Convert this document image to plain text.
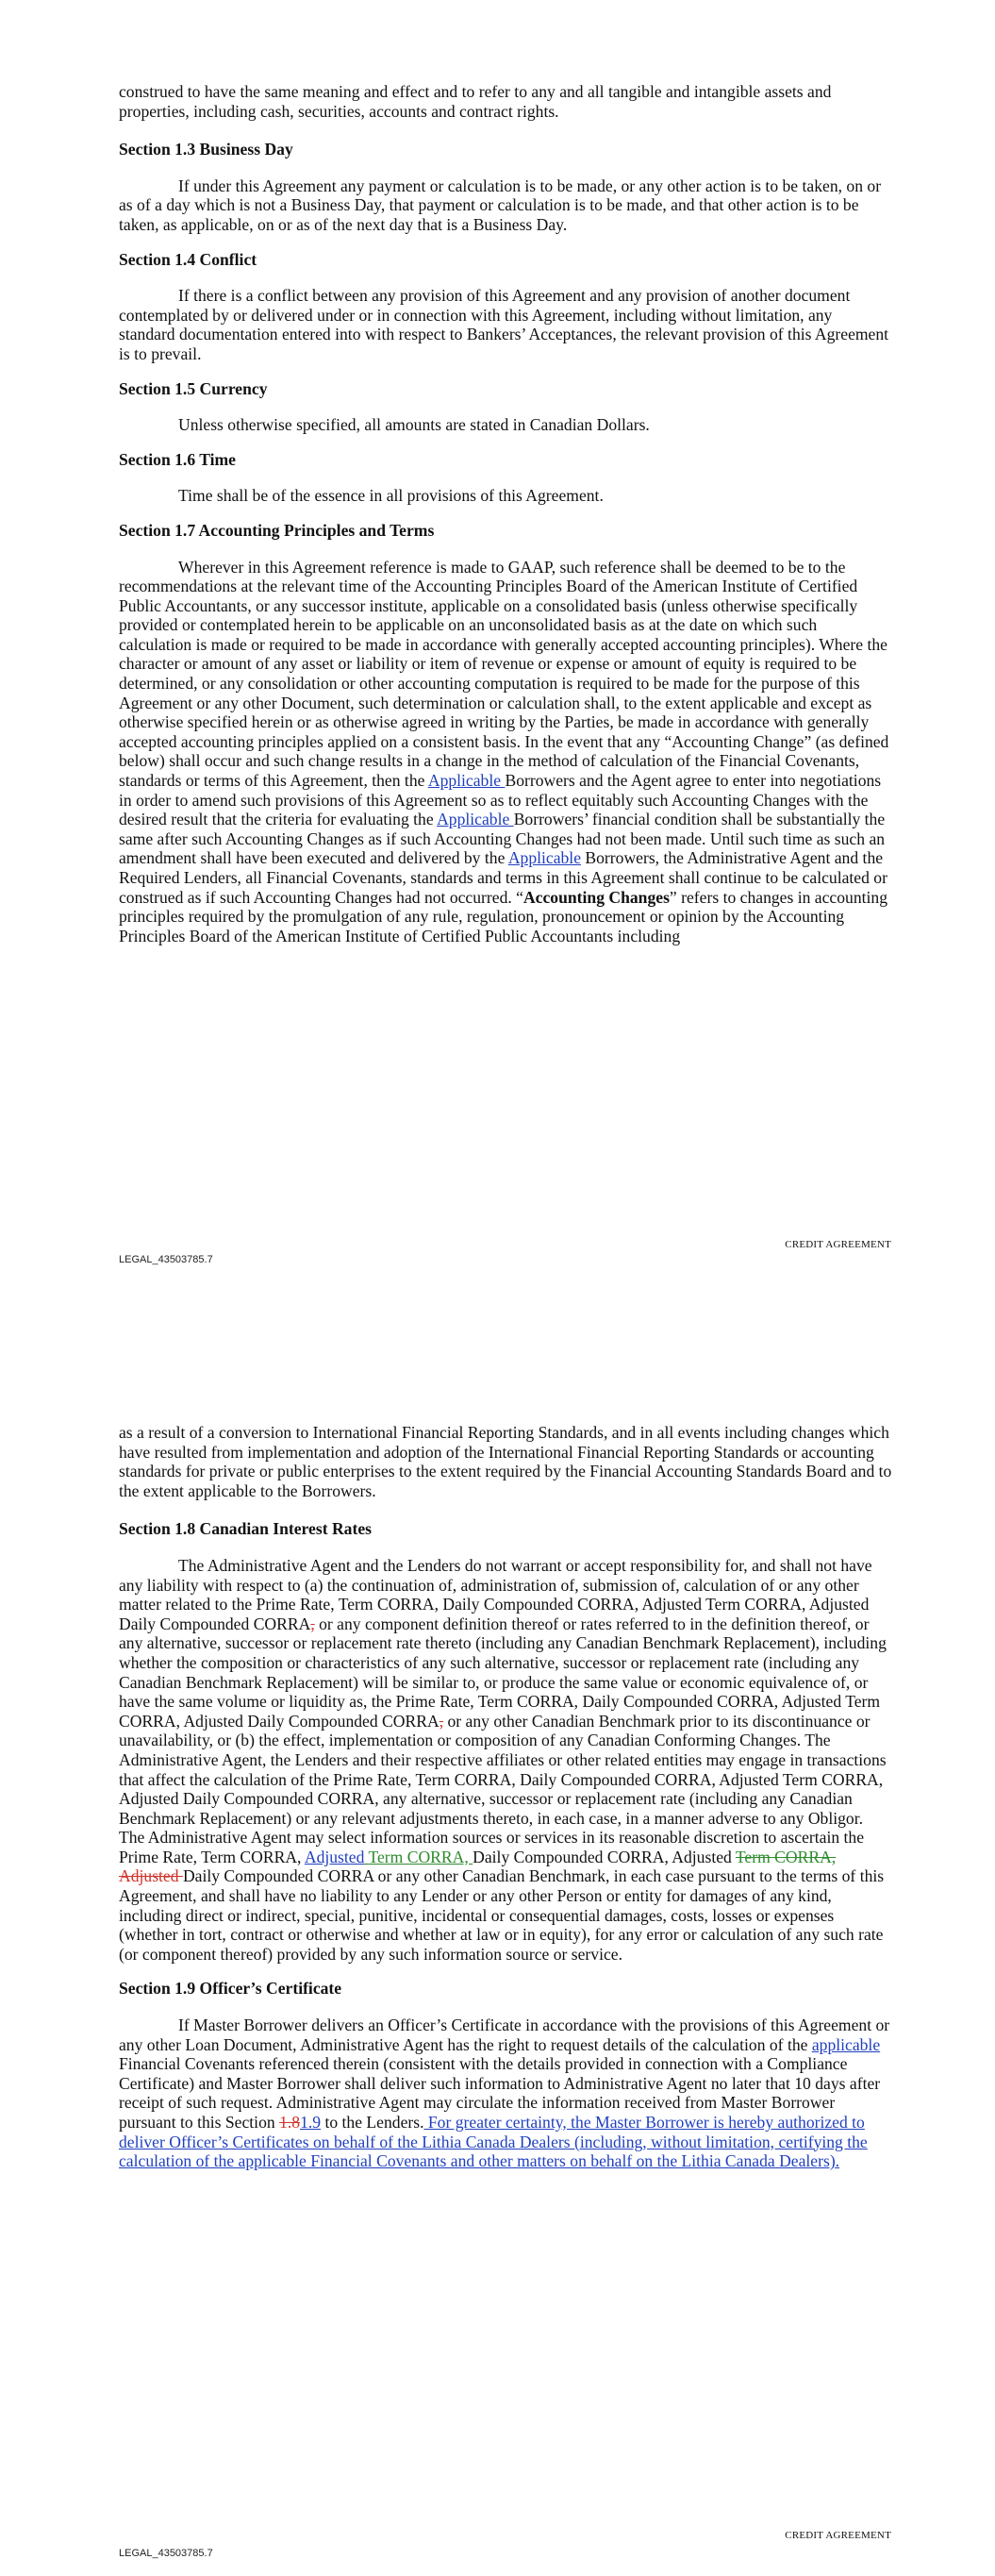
construed to have the same meaning and effect and to refer to any and all tangible and intangible assets and properties, including cash, securities, accounts and contract rights.

Section 1.3 Business Day

If under this Agreement any payment or calculation is to be made, or any other action is to be taken, on or as of a day which is not a Business Day, that payment or calculation is to be made, and that other action is to be taken, as applicable, on or as of the next day that is a Business Day.

Section 1.4 Conflict

If there is a conflict between any provision of this Agreement and any provision of another document contemplated by or delivered under or in connection with this Agreement, including without limitation, any standard documentation entered into with respect to Bankers’ Acceptances, the relevant provision of this Agreement is to prevail.

Section 1.5 Currency

Unless otherwise specified, all amounts are stated in Canadian Dollars.

Section 1.6 Time

Time shall be of the essence in all provisions of this Agreement.

Section 1.7 Accounting Principles and Terms

Wherever in this Agreement reference is made to GAAP, such reference shall be deemed to be to the recommendations at the relevant time of the Accounting Principles Board of the American Institute of Certified Public Accountants, or any successor institute, applicable on a consolidated basis (unless otherwise specifically provided or contemplated herein to be applicable on an unconsolidated basis as at the date on which such calculation is made or required to be made in accordance with generally accepted accounting principles). Where the character or amount of any asset or liability or item of revenue or expense or amount of equity is required to be determined, or any consolidation or other accounting computation is required to be made for the purpose of this Agreement or any other Document, such determination or calculation shall, to the extent applicable and except as otherwise specified herein or as otherwise agreed in writing by the Parties, be made in accordance with generally accepted accounting principles applied on a consistent basis. In the event that any “Accounting Change” (as defined below) shall occur and such change results in a change in the method of calculation of the Financial Covenants, standards or terms of this Agreement, then the Applicable Borrowers and the Agent agree to enter into negotiations in order to amend such provisions of this Agreement so as to reflect equitably such Accounting Changes with the desired result that the criteria for evaluating the Applicable Borrowers’ financial condition shall be substantially the same after such Accounting Changes as if such Accounting Changes had not been made. Until such time as such an amendment shall have been executed and delivered by the Applicable Borrowers, the Administrative Agent and the Required Lenders, all Financial Covenants, standards and terms in this Agreement shall continue to be calculated or construed as if such Accounting Changes had not occurred. “Accounting Changes” refers to changes in accounting principles required by the promulgation of any rule, regulation, pronouncement or opinion by the Accounting Principles Board of the American Institute of Certified Public Accountants including

CREDIT AGREEMENT
LEGAL_43503785.7

as a result of a conversion to International Financial Reporting Standards, and in all events including changes which have resulted from implementation and adoption of the International Financial Reporting Standards or accounting standards for private or public enterprises to the extent required by the Financial Accounting Standards Board and to the extent applicable to the Borrowers.

Section 1.8 Canadian Interest Rates

The Administrative Agent and the Lenders do not warrant or accept responsibility for, and shall not have any liability with respect to (a) the continuation of, administration of, submission of, calculation of or any other matter related to the Prime Rate, Term CORRA, Daily Compounded CORRA, Adjusted Term CORRA, Adjusted Daily Compounded CORRA, or any component definition thereof or rates referred to in the definition thereof, or any alternative, successor or replacement rate thereto (including any Canadian Benchmark Replacement), including whether the composition or characteristics of any such alternative, successor or replacement rate (including any Canadian Benchmark Replacement) will be similar to, or produce the same value or economic equivalence of, or have the same volume or liquidity as, the Prime Rate, Term CORRA, Daily Compounded CORRA, Adjusted Term CORRA, Adjusted Daily Compounded CORRA, or any other Canadian Benchmark prior to its discontinuance or unavailability, or (b) the effect, implementation or composition of any Canadian Conforming Changes. The Administrative Agent, the Lenders and their respective affiliates or other related entities may engage in transactions that affect the calculation of the Prime Rate, Term CORRA, Daily Compounded CORRA, Adjusted Term CORRA, Adjusted Daily Compounded CORRA, any alternative, successor or replacement rate (including any Canadian Benchmark Replacement) or any relevant adjustments thereto, in each case, in a manner adverse to any Obligor. The Administrative Agent may select information sources or services in its reasonable discretion to ascertain the Prime Rate, Term CORRA, Adjusted Term CORRA, Daily Compounded CORRA, Adjusted Term CORRA, Adjusted Daily Compounded CORRA or any other Canadian Benchmark, in each case pursuant to the terms of this Agreement, and shall have no liability to any Lender or any other Person or entity for damages of any kind, including direct or indirect, special, punitive, incidental or consequential damages, costs, losses or expenses (whether in tort, contract or otherwise and whether at law or in equity), for any error or calculation of any such rate (or component thereof) provided by any such information source or service.

Section 1.9 Officer’s Certificate

If Master Borrower delivers an Officer’s Certificate in accordance with the provisions of this Agreement or any other Loan Document, Administrative Agent has the right to request details of the calculation of the applicable Financial Covenants referenced therein (consistent with the details provided in connection with a Compliance Certificate) and Master Borrower shall deliver such information to Administrative Agent no later that 10 days after receipt of such request. Administrative Agent may circulate the information received from Master Borrower pursuant to this Section 1.81.9 to the Lenders. For greater certainty, the Master Borrower is hereby authorized to deliver Officer’s Certificates on behalf of the Lithia Canada Dealers (including, without limitation, certifying the calculation of the applicable Financial Covenants and other matters on behalf on the Lithia Canada Dealers).

CREDIT AGREEMENT
LEGAL_43503785.7
